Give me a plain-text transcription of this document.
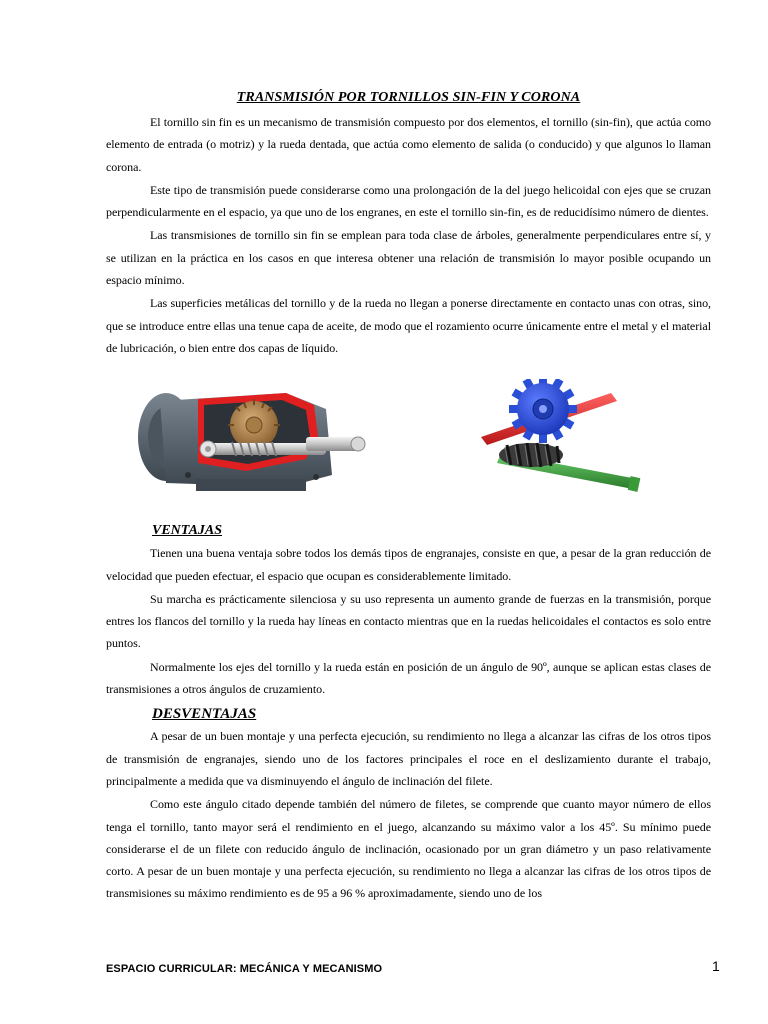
TRANSMISIÓN POR TORNILLOS SIN-FIN Y CORONA

El tornillo sin fin es un mecanismo de transmisión compuesto por dos elementos, el tornillo (sin-fin), que actúa como elemento de entrada (o motriz) y la rueda dentada, que actúa como elemento de salida (o conducido) y que algunos lo llaman corona.

Este tipo de transmisión puede considerarse como una prolongación de la del juego helicoidal con ejes que se cruzan perpendicularmente en el espacio, ya que uno de los engranes, en este el tornillo sin-fin, es de reducidísimo número de dientes.

Las transmisiones de tornillo sin fin se emplean para toda clase de árboles, generalmente perpendiculares entre sí, y se utilizan en la práctica en los casos en que interesa obtener una relación de transmisión lo mayor posible ocupando un espacio mínimo.

Las superficies metálicas del tornillo y de la rueda no llegan a ponerse directamente en contacto unas con otras, sino, que se introduce entre ellas una tenue capa de aceite, de modo que el rozamiento ocurre únicamente entre el metal y el material de lubricación, o bien entre dos capas de líquido.

VENTAJAS

Tienen una buena ventaja sobre todos los demás tipos de engranajes, consiste en que, a pesar de la gran reducción de velocidad que pueden efectuar, el espacio que ocupan es considerablemente limitado.

Su marcha es prácticamente silenciosa y su uso representa un aumento grande de fuerzas en la transmisión, porque entres los flancos del tornillo y la rueda hay líneas en contacto mientras que en la ruedas helicoidales el contactos es solo entre puntos.

Normalmente los ejes del tornillo y la rueda están en posición de un ángulo de 90º, aunque se aplican estas clases de transmisiones a otros ángulos de cruzamiento.

DESVENTAJAS

A pesar de un buen montaje y una perfecta ejecución, su rendimiento no llega a alcanzar las cifras de los otros tipos de transmisión de engranajes, siendo uno de los factores principales el roce en el deslizamiento durante el trabajo, principalmente a medida que va disminuyendo el ángulo de inclinación del filete.

Como este ángulo citado depende también del número de filetes, se comprende que cuanto mayor número de ellos tenga el tornillo, tanto mayor será el rendimiento en el juego, alcanzando su máximo valor a los 45º. Su mínimo puede considerarse el de un filete con reducido ángulo de inclinación, ocasionado por un gran diámetro y un paso relativamente corto. A pesar de un buen montaje y una perfecta ejecución, su rendimiento no llega a alcanzar las cifras de los otros tipos de transmisiones su máximo rendimiento es de 95 a 96 % aproximadamente, siendo uno de los

ESPACIO CURRICULAR: MECÁNICA Y MECANISMO	1
